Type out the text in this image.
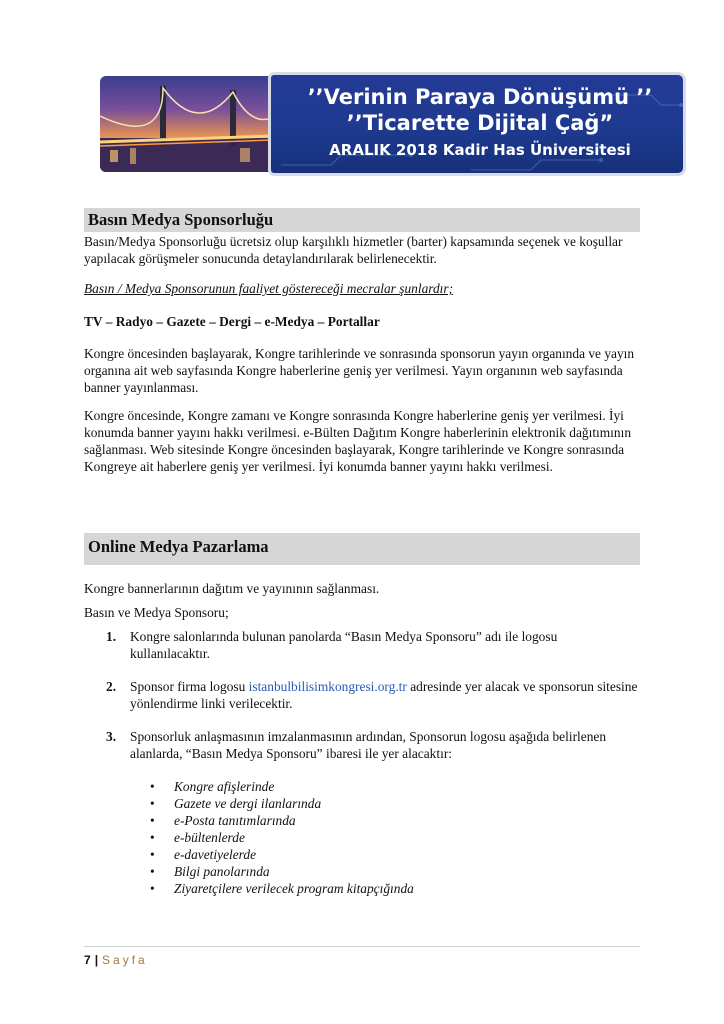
’’Verinin Paraya Dönüşümü ’’
’’Ticarette Dijital Çağ”
ARALIK 2018 Kadir Has Üniversitesi
Basın Medya Sponsorluğu

Basın/Medya Sponsorluğu ücretsiz olup karşılıklı hizmetler (barter) kapsamında seçenek ve koşullar yapılacak görüşmeler sonucunda detaylandırılarak belirlenecektir.

Basın / Medya Sponsorunun faaliyet göstereceği mecralar şunlardır;

TV – Radyo – Gazete – Dergi – e-Medya – Portallar

Kongre öncesinden başlayarak, Kongre tarihlerinde ve sonrasında sponsorun yayın organında ve yayın organına ait web sayfasında Kongre haberlerine geniş yer verilmesi. Yayın organının web sayfasında banner yayınlanması.

Kongre öncesinde, Kongre zamanı ve Kongre sonrasında Kongre haberlerine geniş yer verilmesi. İyi konumda banner yayını hakkı verilmesi. e-Bülten Dağıtım Kongre haberlerinin elektronik dağıtımının sağlanması. Web sitesinde Kongre öncesinden başlayarak, Kongre tarihlerinde ve Kongre sonrasında Kongreye ait haberlere geniş yer verilmesi. İyi konumda banner yayını hakkı verilmesi.

Online Medya Pazarlama

Kongre bannerlarının dağıtım ve yayınının sağlanması.

Basın ve Medya Sponsoru;

1. Kongre salonlarında bulunan panolarda “Basın Medya Sponsoru” adı ile logosu kullanılacaktır.
2. Sponsor firma logosu istanbulbilisimkongresi.org.tr adresinde yer alacak ve sponsorun sitesine yönlendirme linki verilecektir.
3. Sponsorluk anlaşmasının imzalanmasının ardından, Sponsorun logosu aşağıda belirlenen alanlarda, “Basın Medya Sponsoru” ibaresi ile yer alacaktır:
• Kongre afişlerinde
• Gazete ve dergi ilanlarında
• e-Posta tanıtımlarında
• e-bültenlerde
• e-davetiyelerde
• Bilgi panolarında
• Ziyaretçilere verilecek program kitapçığında
7 | Sayfa
